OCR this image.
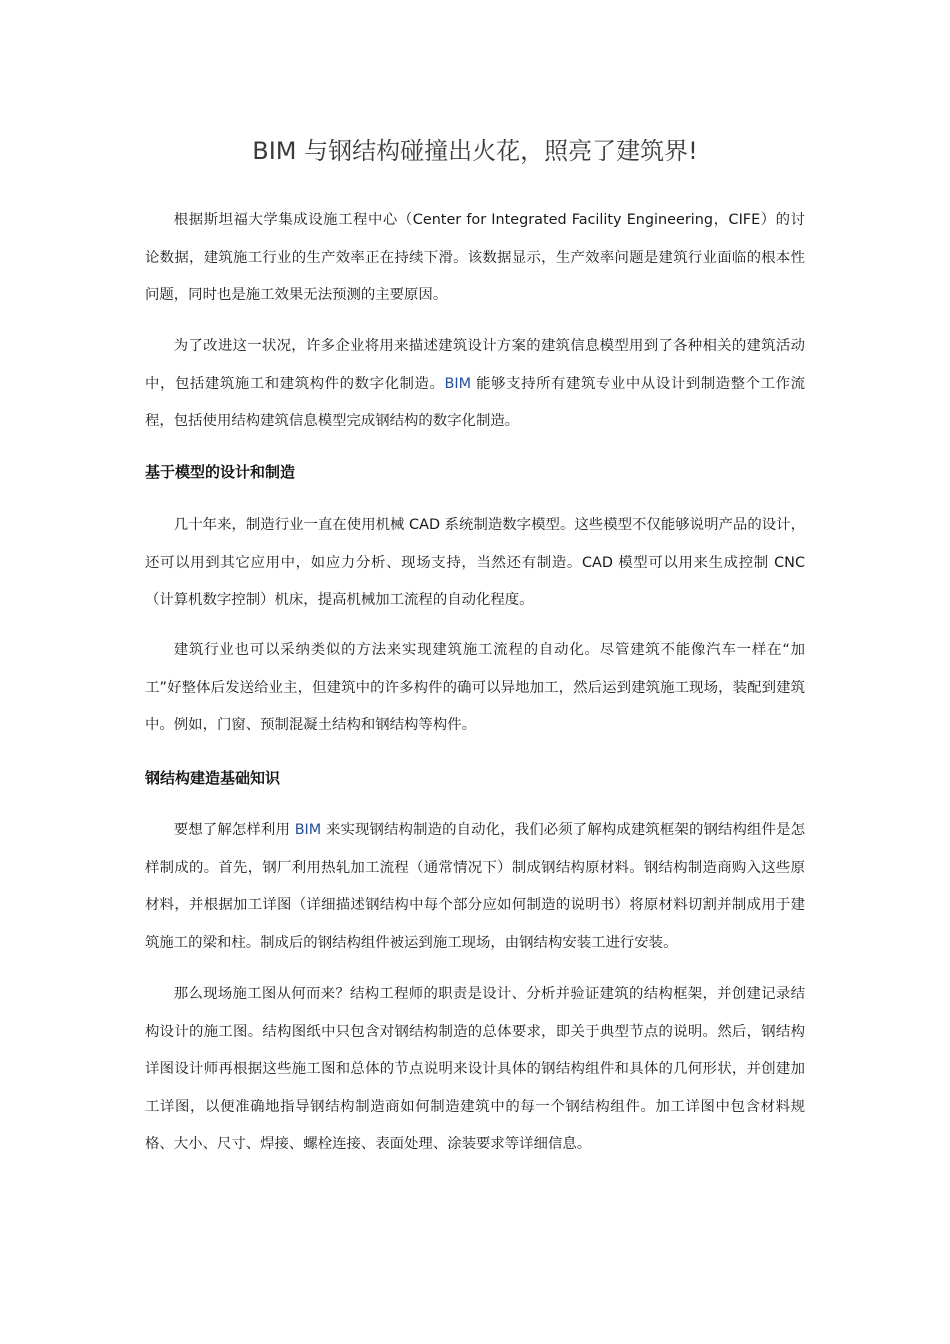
BIM 与钢结构碰撞出火花，照亮了建筑界!

根据斯坦福大学集成设施工程中心（Center for Integrated Facility Engineering，CIFE）的讨论数据，建筑施工行业的生产效率正在持续下滑。该数据显示，生产效率问题是建筑行业面临的根本性问题，同时也是施工效果无法预测的主要原因。

为了改进这一状况，许多企业将用来描述建筑设计方案的建筑信息模型用到了各种相关的建筑活动中，包括建筑施工和建筑构件的数字化制造。BIM 能够支持所有建筑专业中从设计到制造整个工作流程，包括使用结构建筑信息模型完成钢结构的数字化制造。

基于模型的设计和制造

几十年来，制造行业一直在使用机械 CAD 系统制造数字模型。这些模型不仅能够说明产品的设计，还可以用到其它应用中，如应力分析、现场支持，当然还有制造。CAD 模型可以用来生成控制 CNC（计算机数字控制）机床，提高机械加工流程的自动化程度。

建筑行业也可以采纳类似的方法来实现建筑施工流程的自动化。尽管建筑不能像汽车一样在“加工”好整体后发送给业主，但建筑中的许多构件的确可以异地加工，然后运到建筑施工现场，装配到建筑中。例如，门窗、预制混凝土结构和钢结构等构件。

钢结构建造基础知识

要想了解怎样利用 BIM 来实现钢结构制造的自动化，我们必须了解构成建筑框架的钢结构组件是怎样制成的。首先，钢厂利用热轧加工流程（通常情况下）制成钢结构原材料。钢结构制造商购入这些原材料，并根据加工详图（详细描述钢结构中每个部分应如何制造的说明书）将原材料切割并制成用于建筑施工的梁和柱。制成后的钢结构组件被运到施工现场，由钢结构安装工进行安装。

那么现场施工图从何而来？结构工程师的职责是设计、分析并验证建筑的结构框架，并创建记录结构设计的施工图。结构图纸中只包含对钢结构制造的总体要求，即关于典型节点的说明。然后，钢结构详图设计师再根据这些施工图和总体的节点说明来设计具体的钢结构组件和具体的几何形状，并创建加工详图，以便准确地指导钢结构制造商如何制造建筑中的每一个钢结构组件。加工详图中包含材料规格、大小、尺寸、焊接、螺栓连接、表面处理、涂装要求等详细信息。
